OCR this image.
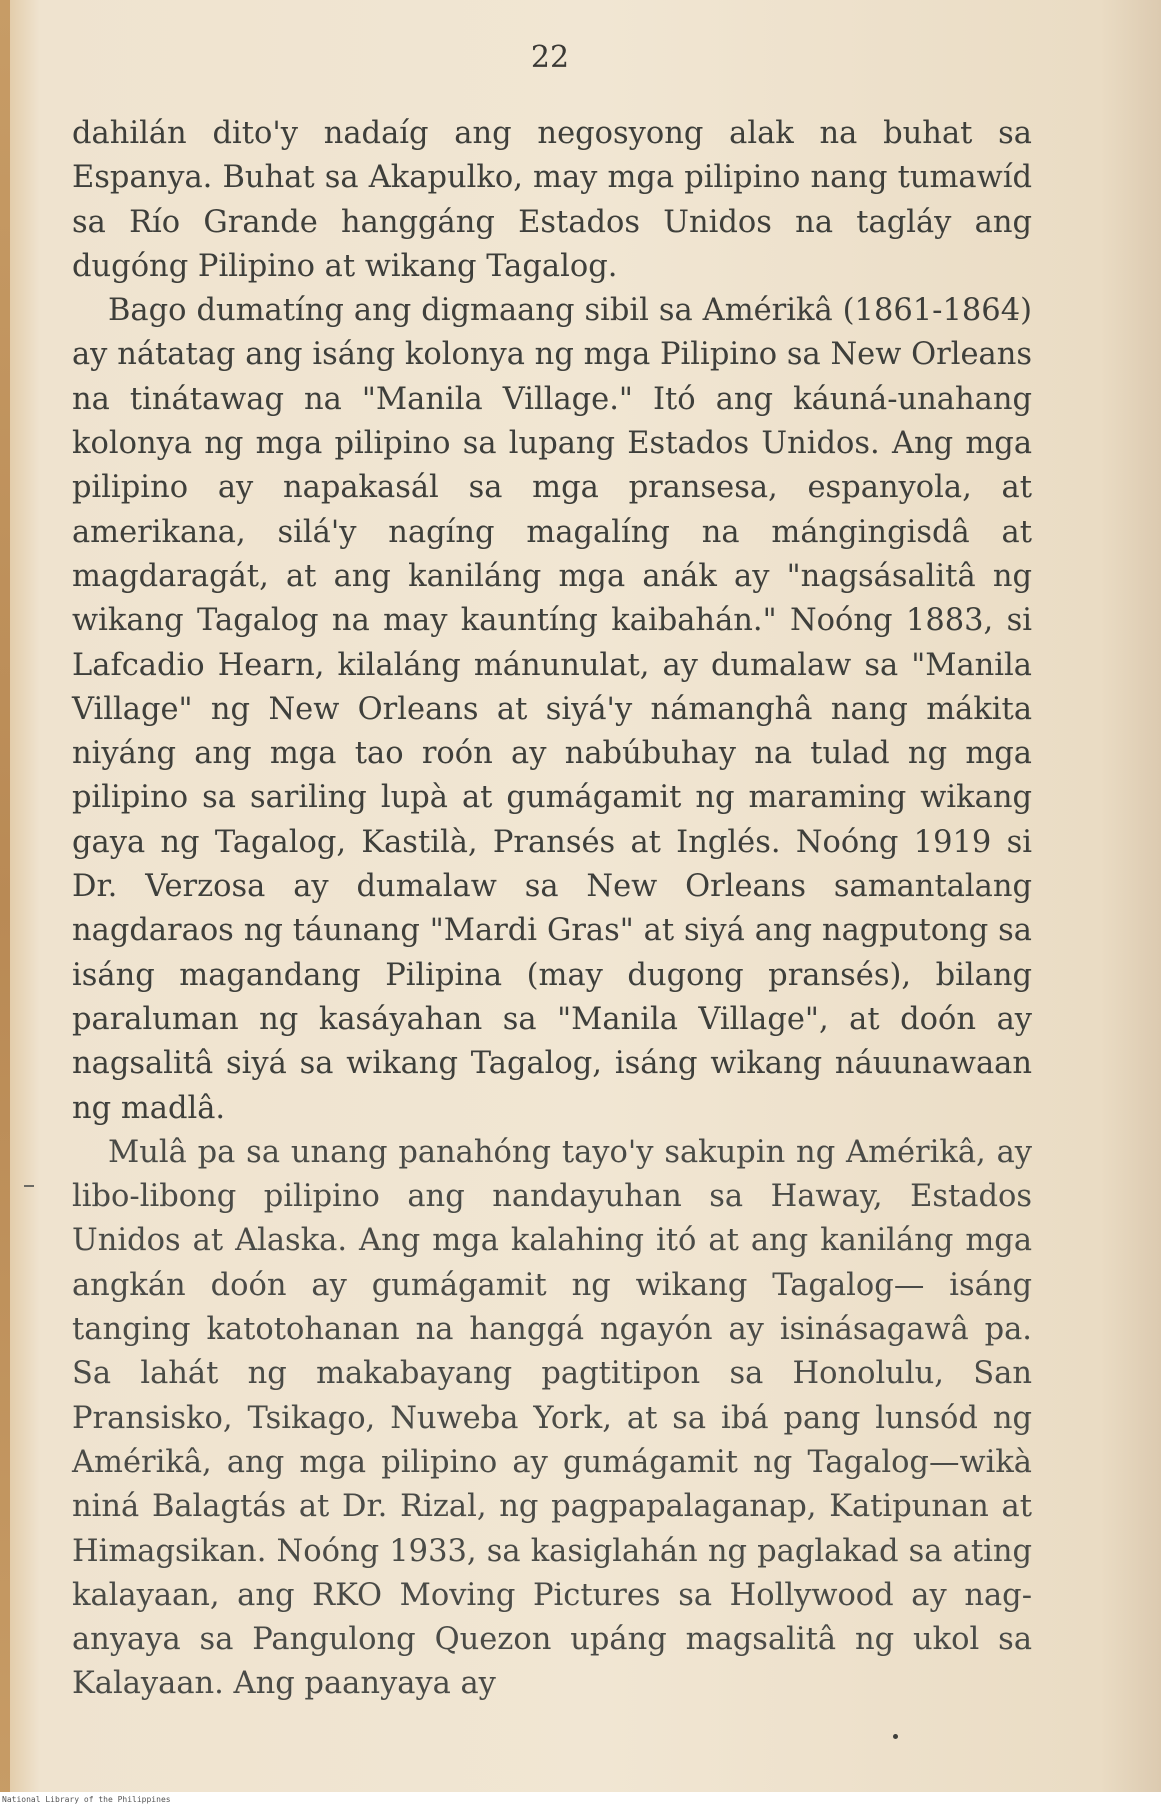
22

dahilán dito'y nadaíg ang negosyong alak na buhat sa Espanya. Buhat sa Akapulko, may mga pilipino nang tumawíd sa Río Grande hanggáng Estados Unidos na tagláy ang dugóng Pilipino at wikang Tagalog.

Bago dumatíng ang digmaang sibil sa Amérikâ (1861-1864) ay nátatag ang isáng kolonya ng mga Pilipino sa New Orleans na tinátawag na "Manila Village." Itó ang káuná-unahang kolonya ng mga pilipino sa lupang Estados Unidos. Ang mga pilipino ay napakasál sa mga pransesa, espanyola, at amerikana, silá'y nagíng magalíng na mángingisdâ at magdaragát, at ang kaniláng mga anák ay "nagsásalitâ ng wikang Tagalog na may kauntíng kaibahán." Noóng 1883, si Lafcadio Hearn, kilaláng mánunulat, ay dumalaw sa "Manila Village" ng New Orleans at siyá'y námanghâ nang mákita niyáng ang mga tao roón ay nabúbuhay na tulad ng mga pilipino sa sariling lupà at gumágamit ng maraming wikang gaya ng Tagalog, Kastilà, Pransés at Inglés. Noóng 1919 si Dr. Verzosa ay dumalaw sa New Orleans samantalang nagdaraos ng táunang "Mardi Gras" at siyá ang nagputong sa isáng magandang Pilipina (may dugong pransés), bilang paraluman ng kasáyahan sa "Manila Village", at doón ay nagsalitâ siyá sa wikang Tagalog, isáng wikang náuunawaan ng madlâ.

Mulâ pa sa unang panahóng tayo'y sakupin ng Amérikâ, ay libo-libong pilipino ang nandayuhan sa Haway, Estados Unidos at Alaska. Ang mga kalahing itó at ang kaniláng mga angkán doón ay gumágamit ng wikang Tagalog— isáng tanging katotohanan na hanggá ngayón ay isinásagawâ pa. Sa lahát ng makabayang pagtitipon sa Honolulu, San Pransisko, Tsikago, Nuweba York, at sa ibá pang lunsód ng Amérikâ, ang mga pilipino ay gumágamit ng Tagalog—wikà niná Balagtás at Dr. Rizal, ng pagpapalaganap, Katipunan at Himagsikan. Noóng 1933, sa kasiglahán ng paglakad sa ating kalayaan, ang RKO Moving Pictures sa Hollywood ay nag-anyaya sa Pangulong Quezon upáng magsalitâ ng ukol sa Kalayaan. Ang paanyaya ay

National Library of the Philippines
